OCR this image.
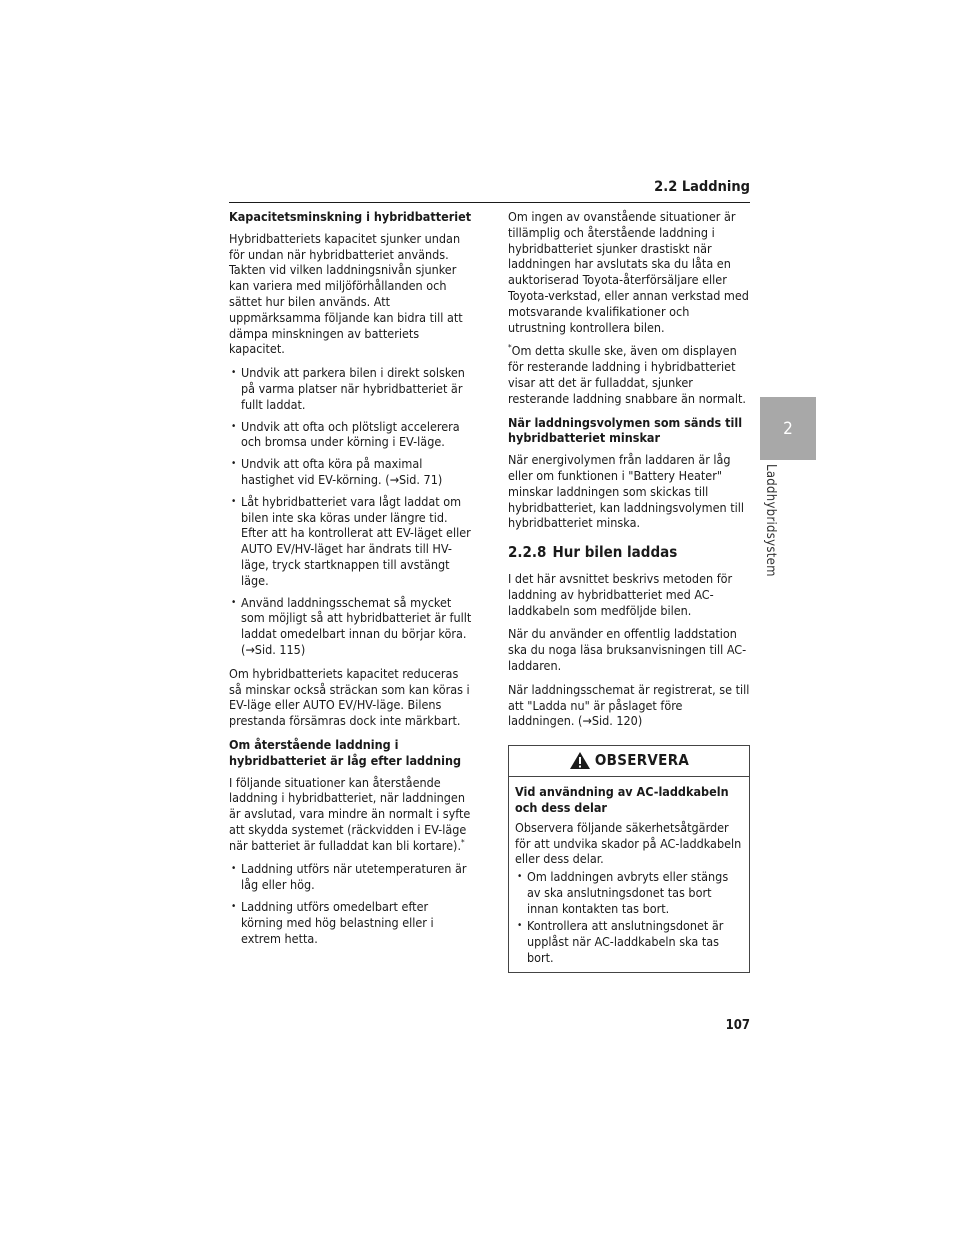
2.2 Laddning
2
Laddhybridsystem

Kapacitetsminskning i hybridbatteriet

Hybridbatteriets kapacitet sjunker undan för undan när hybridbatteriet används. Takten vid vilken laddningsnivån sjunker kan variera med miljöförhållanden och sättet hur bilen används. Att uppmärksamma följande kan bidra till att dämpa minskningen av batteriets kapacitet.

• Undvik att parkera bilen i direkt solsken på varma platser när hybridbatteriet är fullt laddat.
• Undvik att ofta och plötsligt accelerera och bromsa under körning i EV-läge.
• Undvik att ofta köra på maximal hastighet vid EV-körning. (→Sid. 71)
• Låt hybridbatteriet vara lågt laddat om bilen inte ska köras under längre tid. Efter att ha kontrollerat att EV-läget eller AUTO EV/HV-läget har ändrats till HV-läge, tryck startknappen till avstängt läge.
• Använd laddningsschemat så mycket som möjligt så att hybridbatteriet är fullt laddat omedelbart innan du börjar köra. (→Sid. 115)

Om hybridbatteriets kapacitet reduceras så minskar också sträckan som kan köras i EV-läge eller AUTO EV/HV-läge. Bilens prestanda försämras dock inte märkbart.

Om återstående laddning i hybridbatteriet är låg efter laddning

I följande situationer kan återstående laddning i hybridbatteriet, när laddningen är avslutad, vara mindre än normalt i syfte att skydda systemet (räckvidden i EV-läge när batteriet är fulladdat kan bli kortare).*

• Laddning utförs när utetemperaturen är låg eller hög.
• Laddning utförs omedelbart efter körning med hög belastning eller i extrem hetta.

Om ingen av ovanstående situationer är tillämplig och återstående laddning i hybridbatteriet sjunker drastiskt när laddningen har avslutats ska du låta en auktoriserad Toyota-återförsäljare eller Toyota-verkstad, eller annan verkstad med motsvarande kvalifikationer och utrustning kontrollera bilen.

*Om detta skulle ske, även om displayen för resterande laddning i hybridbatteriet visar att det är fulladdat, sjunker resterande laddning snabbare än normalt.

När laddningsvolymen som sänds till hybridbatteriet minskar

När energivolymen från laddaren är låg eller om funktionen i "Battery Heater" minskar laddningen som skickas till hybridbatteriet, kan laddningsvolymen till hybridbatteriet minska.

2.2.8 Hur bilen laddas

I det här avsnittet beskrivs metoden för laddning av hybridbatteriet med AC-laddkabeln som medföljde bilen.

När du använder en offentlig laddstation ska du noga läsa bruksanvisningen till AC-laddaren.

När laddningsschemat är registrerat, se till att "Ladda nu" är påslaget före laddningen. (→Sid. 120)

OBSERVERA

Vid användning av AC-laddkabeln och dess delar

Observera följande säkerhetsåtgärder för att undvika skador på AC-laddkabeln eller dess delar.

• Om laddningen avbryts eller stängs av ska anslutningsdonet tas bort innan kontakten tas bort.
• Kontrollera att anslutningsdonet är upplåst när AC-laddkabeln ska tas bort.
107
